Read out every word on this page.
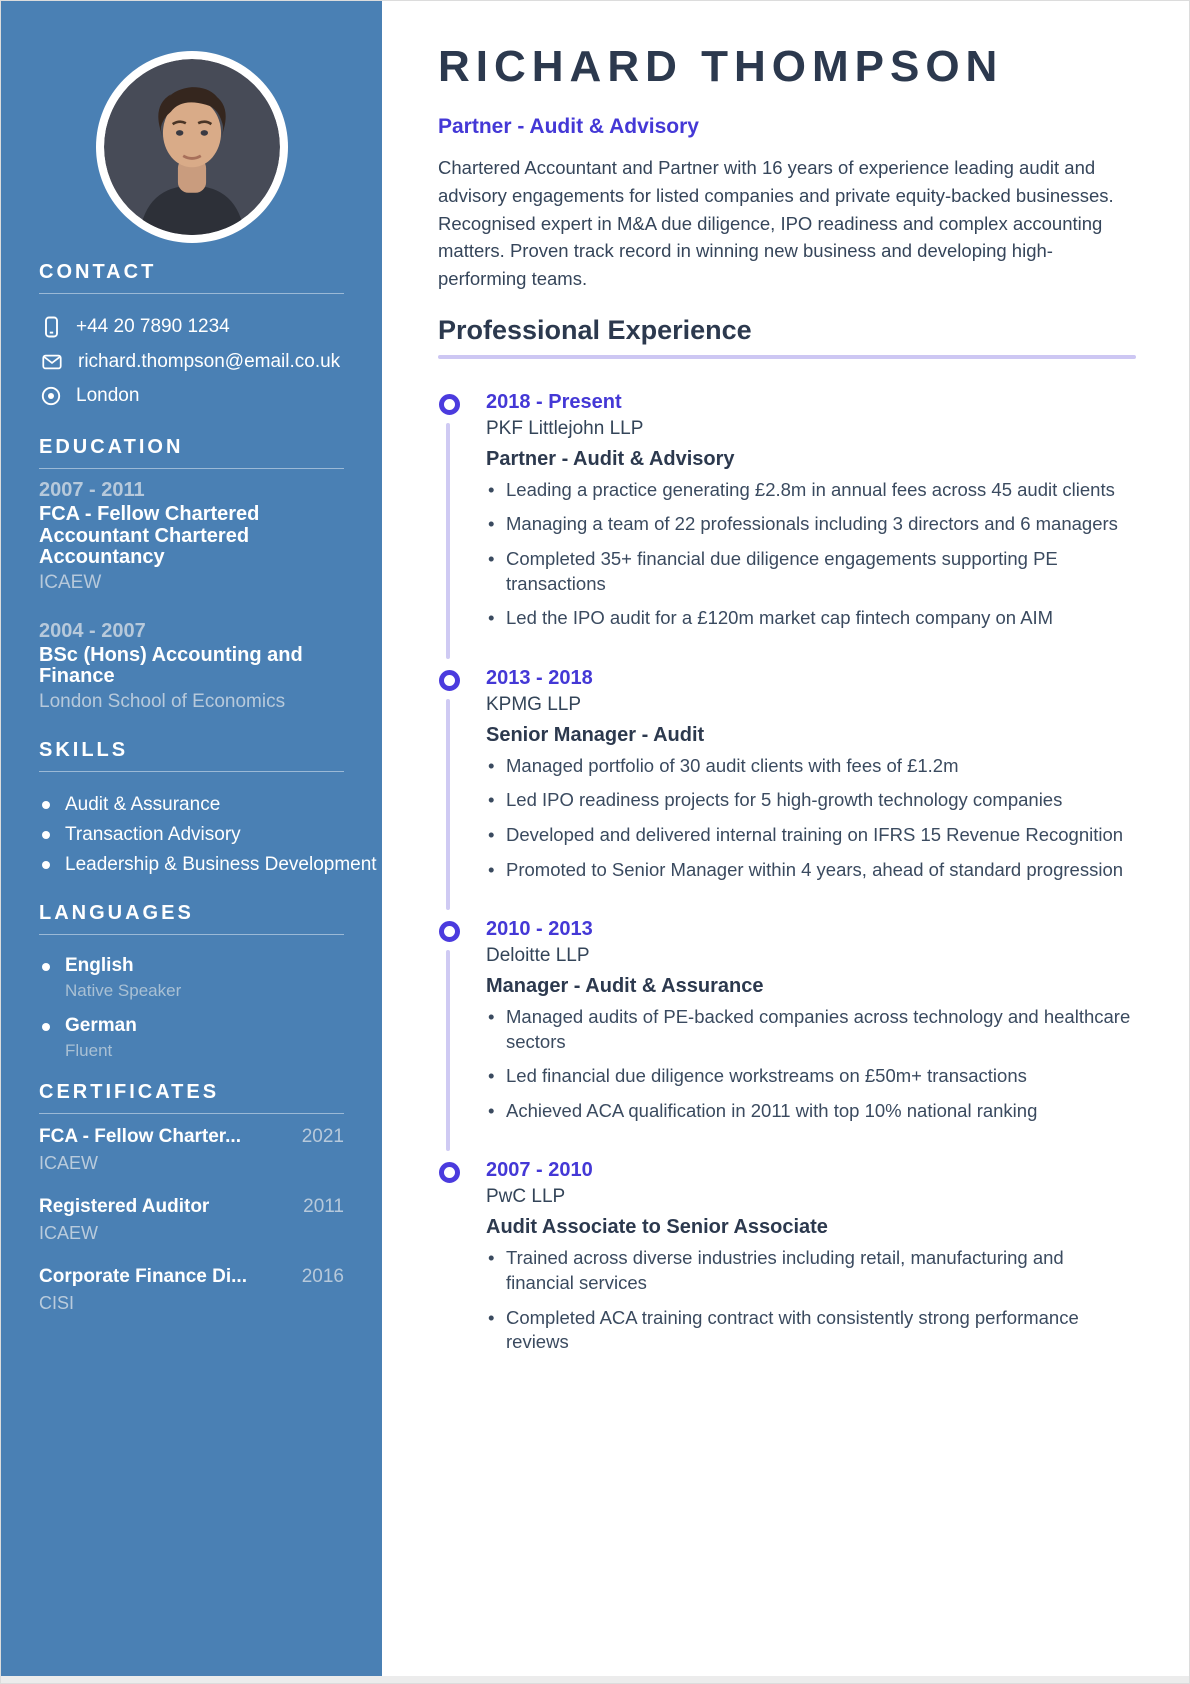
CONTACT
+44 20 7890 1234
richard.thompson@email.co.uk
London
EDUCATION
2007 - 2011
FCA - Fellow Chartered Accountant Chartered Accountancy
ICAEW
2004 - 2007
BSc (Hons) Accounting and Finance
London School of Economics
SKILLS
Audit & Assurance
Transaction Advisory
Leadership & Business Development
LANGUAGES
English
Native Speaker
German
Fluent
CERTIFICATES
FCA - Fellow Charter...	2021
ICAEW
Registered Auditor	2011
ICAEW
Corporate Finance Di...	2016
CISI
RICHARD THOMPSON
Partner - Audit & Advisory

Chartered Accountant and Partner with 16 years of experience leading audit and advisory engagements for listed companies and private equity-backed businesses. Recognised expert in M&A due diligence, IPO readiness and complex accounting matters. Proven track record in winning new business and developing high-performing teams.

Professional Experience
2018 - Present
PKF Littlejohn LLP
Partner - Audit & Advisory
• Leading a practice generating £2.8m in annual fees across 45 audit clients
• Managing a team of 22 professionals including 3 directors and 6 managers
• Completed 35+ financial due diligence engagements supporting PE transactions
• Led the IPO audit for a £120m market cap fintech company on AIM
2013 - 2018
KPMG LLP
Senior Manager - Audit
• Managed portfolio of 30 audit clients with fees of £1.2m
• Led IPO readiness projects for 5 high-growth technology companies
• Developed and delivered internal training on IFRS 15 Revenue Recognition
• Promoted to Senior Manager within 4 years, ahead of standard progression
2010 - 2013
Deloitte LLP
Manager - Audit & Assurance
• Managed audits of PE-backed companies across technology and healthcare sectors
• Led financial due diligence workstreams on £50m+ transactions
• Achieved ACA qualification in 2011 with top 10% national ranking
2007 - 2010
PwC LLP
Audit Associate to Senior Associate
• Trained across diverse industries including retail, manufacturing and financial services
• Completed ACA training contract with consistently strong performance reviews
